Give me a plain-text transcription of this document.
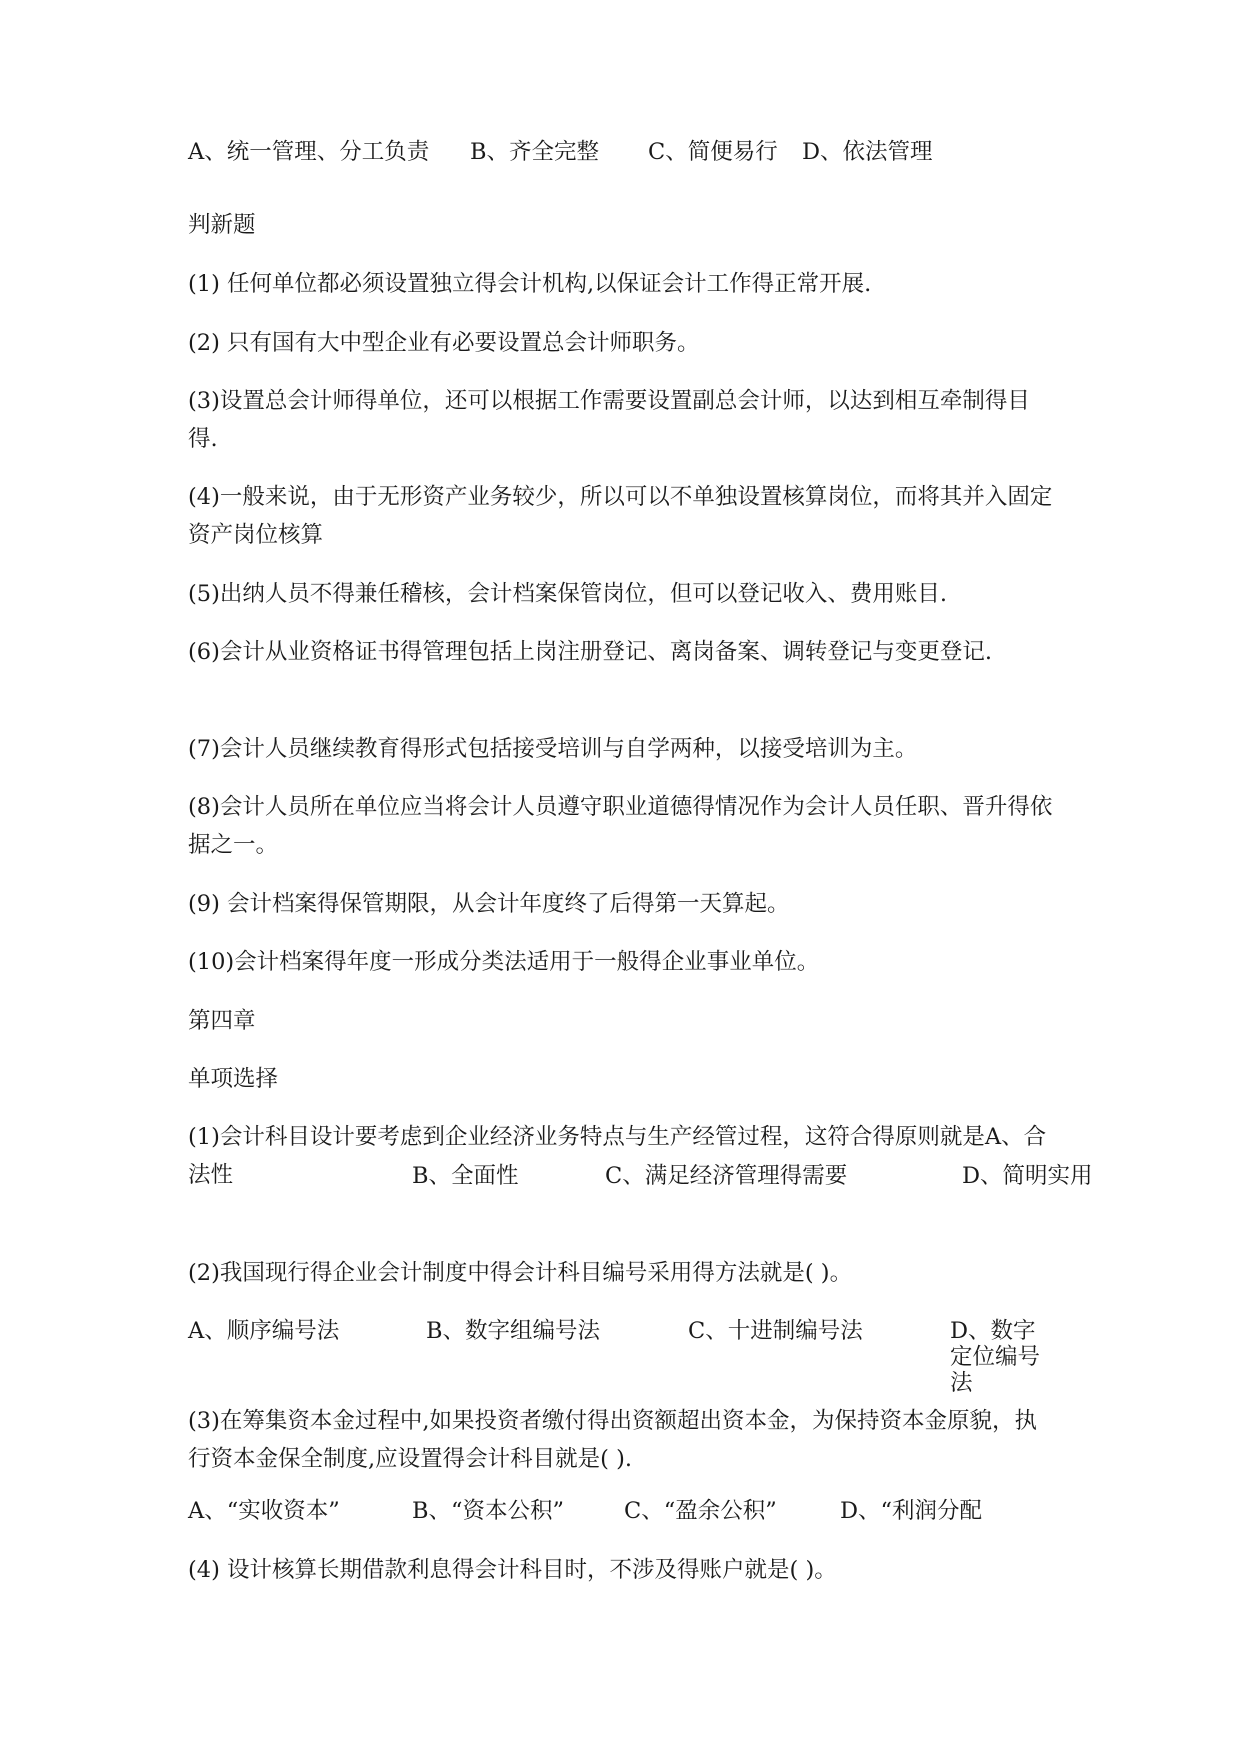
A、统一管理、分工负责 B、齐全完整 C、简便易行 D、依法管理
判新题
(1) 任何单位都必须设置独立得会计机构,以保证会计工作得正常开展.
(2) 只有国有大中型企业有必要设置总会计师职务。
(3)设置总会计师得单位，还可以根据工作需要设置副总会计师，以达到相互牵制得目得.
(4)一般来说，由于无形资产业务较少，所以可以不单独设置核算岗位，而将其并入固定资产岗位核算
(5)出纳人员不得兼任稽核，会计档案保管岗位，但可以登记收入、费用账目.
(6)会计从业资格证书得管理包括上岗注册登记、离岗备案、调转登记与变更登记.
(7)会计人员继续教育得形式包括接受培训与自学两种，以接受培训为主。
(8)会计人员所在单位应当将会计人员遵守职业道德得情况作为会计人员任职、晋升得依据之一。
(9) 会计档案得保管期限，从会计年度终了后得第一天算起。
(10)会计档案得年度一形成分类法适用于一般得企业事业单位。
第四章
单项选择
(1)会计科目设计要考虑到企业经济业务特点与生产经管过程，这符合得原则就是A、合法性	B、全面性	C、满足经济管理得需要	D、简明实用
(2)我国现行得企业会计制度中得会计科目编号采用得方法就是( )。
A、顺序编号法	B、数字组编号法	C、十进制编号法	D、数字定位编号法
(3)在筹集资本金过程中,如果投资者缴付得出资额超出资本金，为保持资本金原貌，执行资本金保全制度,应设置得会计科目就是( ).
A、“实收资本”	B、“资本公积”	C、“盈余公积”	D、“利润分配
(4) 设计核算长期借款利息得会计科目时，不涉及得账户就是( )。
